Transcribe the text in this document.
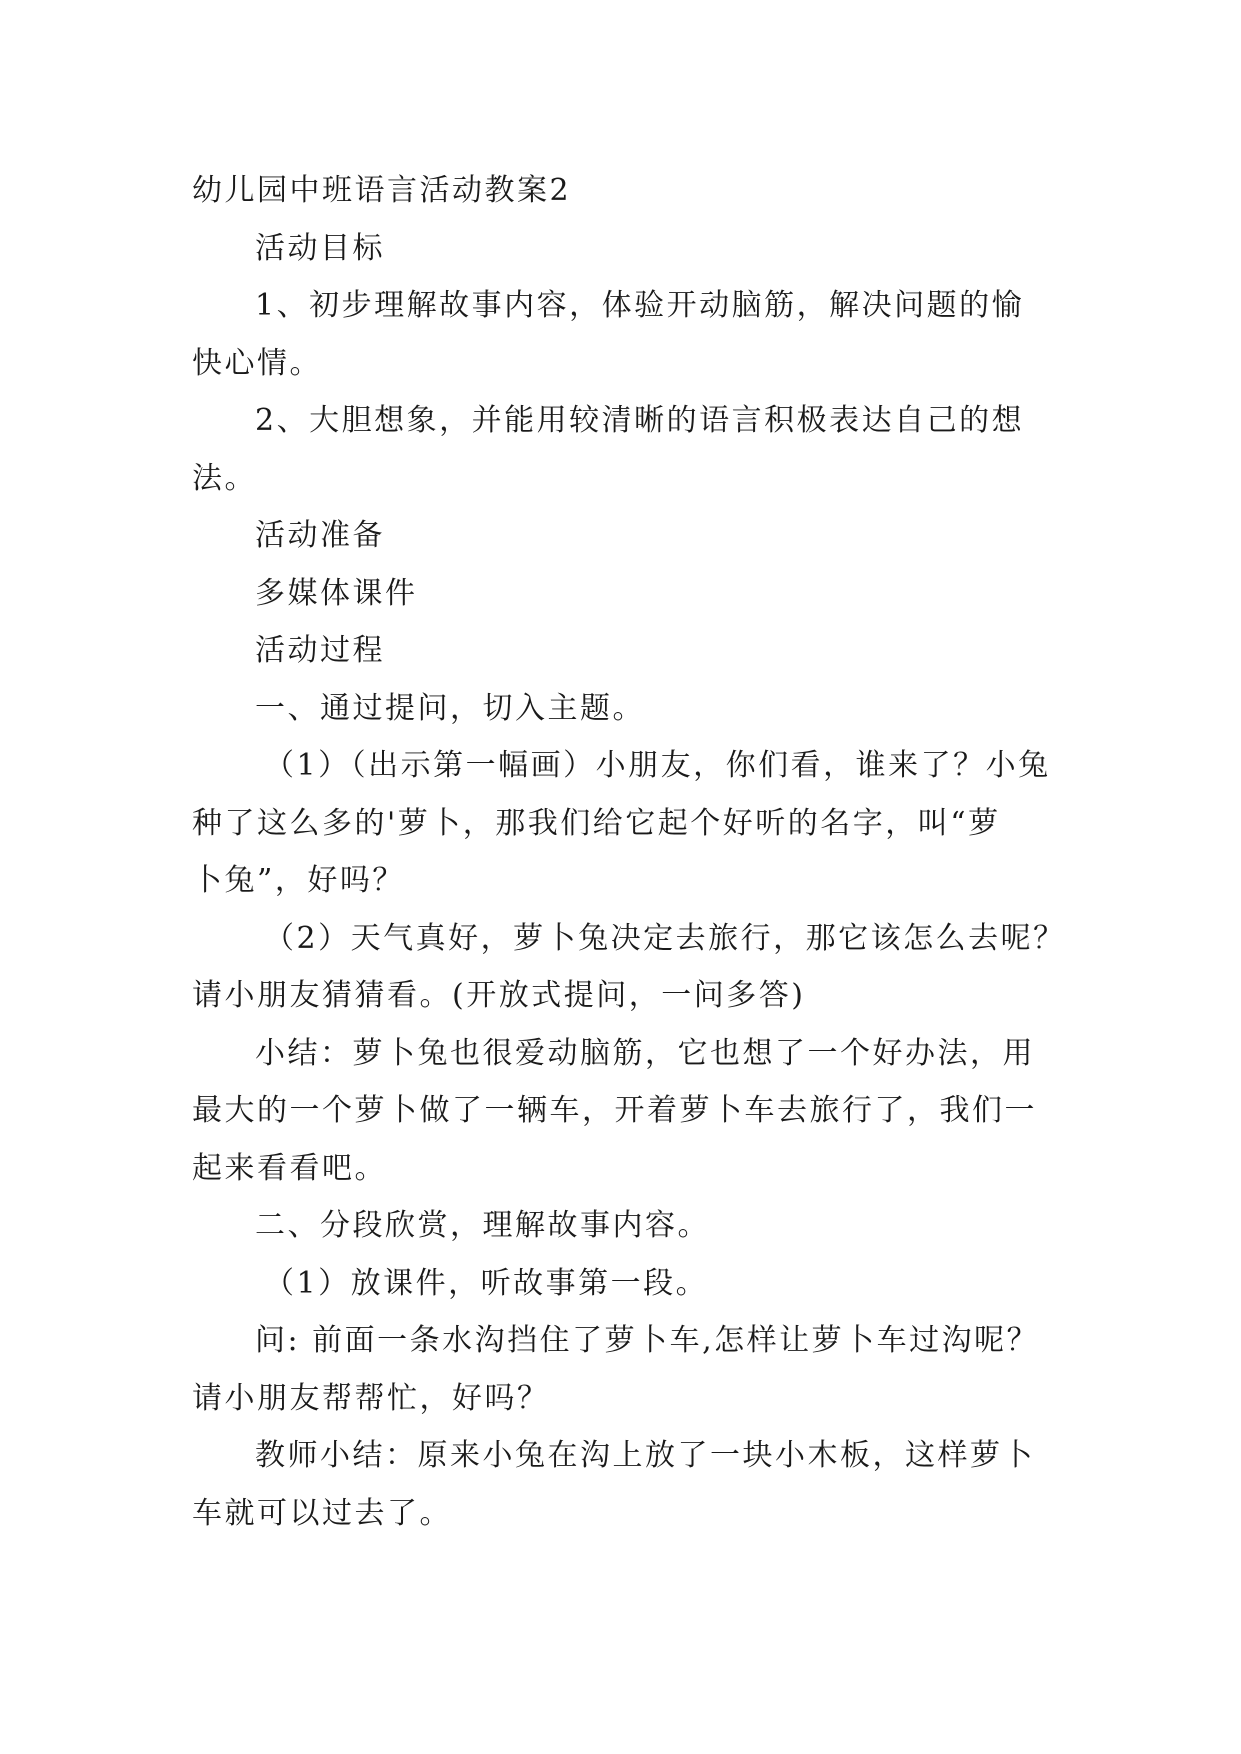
幼儿园中班语言活动教案2
活动目标
1、初步理解故事内容，体验开动脑筋，解决问题的愉
快心情。
2、大胆想象，并能用较清晰的语言积极表达自己的想
法。
活动准备
多媒体课件
活动过程
一、通过提问，切入主题。
（1）（出示第一幅画）小朋友，你们看，谁来了？小兔
种了这么多的'萝卜，那我们给它起个好听的名字，叫“萝
卜兔”，好吗？
（2）天气真好，萝卜兔决定去旅行，那它该怎么去呢？
请小朋友猜猜看。(开放式提问，一问多答)
小结：萝卜兔也很爱动脑筋，它也想了一个好办法，用
最大的一个萝卜做了一辆车，开着萝卜车去旅行了，我们一
起来看看吧。
二、分段欣赏，理解故事内容。
（1）放课件，听故事第一段。
问: 前面一条水沟挡住了萝卜车,怎样让萝卜车过沟呢？
请小朋友帮帮忙，好吗？
教师小结：原来小兔在沟上放了一块小木板，这样萝卜
车就可以过去了。
